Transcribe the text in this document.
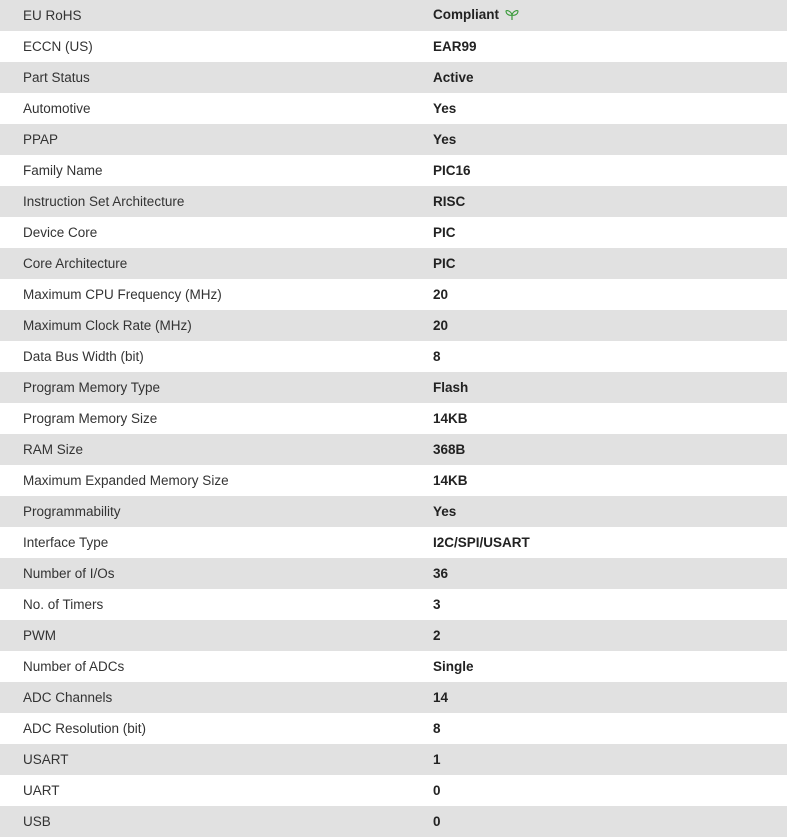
EU RoHS	Compliant
ECCN (US)	EAR99
Part Status	Active
Automotive	Yes
PPAP	Yes
Family Name	PIC16
Instruction Set Architecture	RISC
Device Core	PIC
Core Architecture	PIC
Maximum CPU Frequency (MHz)	20
Maximum Clock Rate (MHz)	20
Data Bus Width (bit)	8
Program Memory Type	Flash
Program Memory Size	14KB
RAM Size	368B
Maximum Expanded Memory Size	14KB
Programmability	Yes
Interface Type	I2C/SPI/USART
Number of I/Os	36
No. of Timers	3
PWM	2
Number of ADCs	Single
ADC Channels	14
ADC Resolution (bit)	8
USART	1
UART	0
USB	0
